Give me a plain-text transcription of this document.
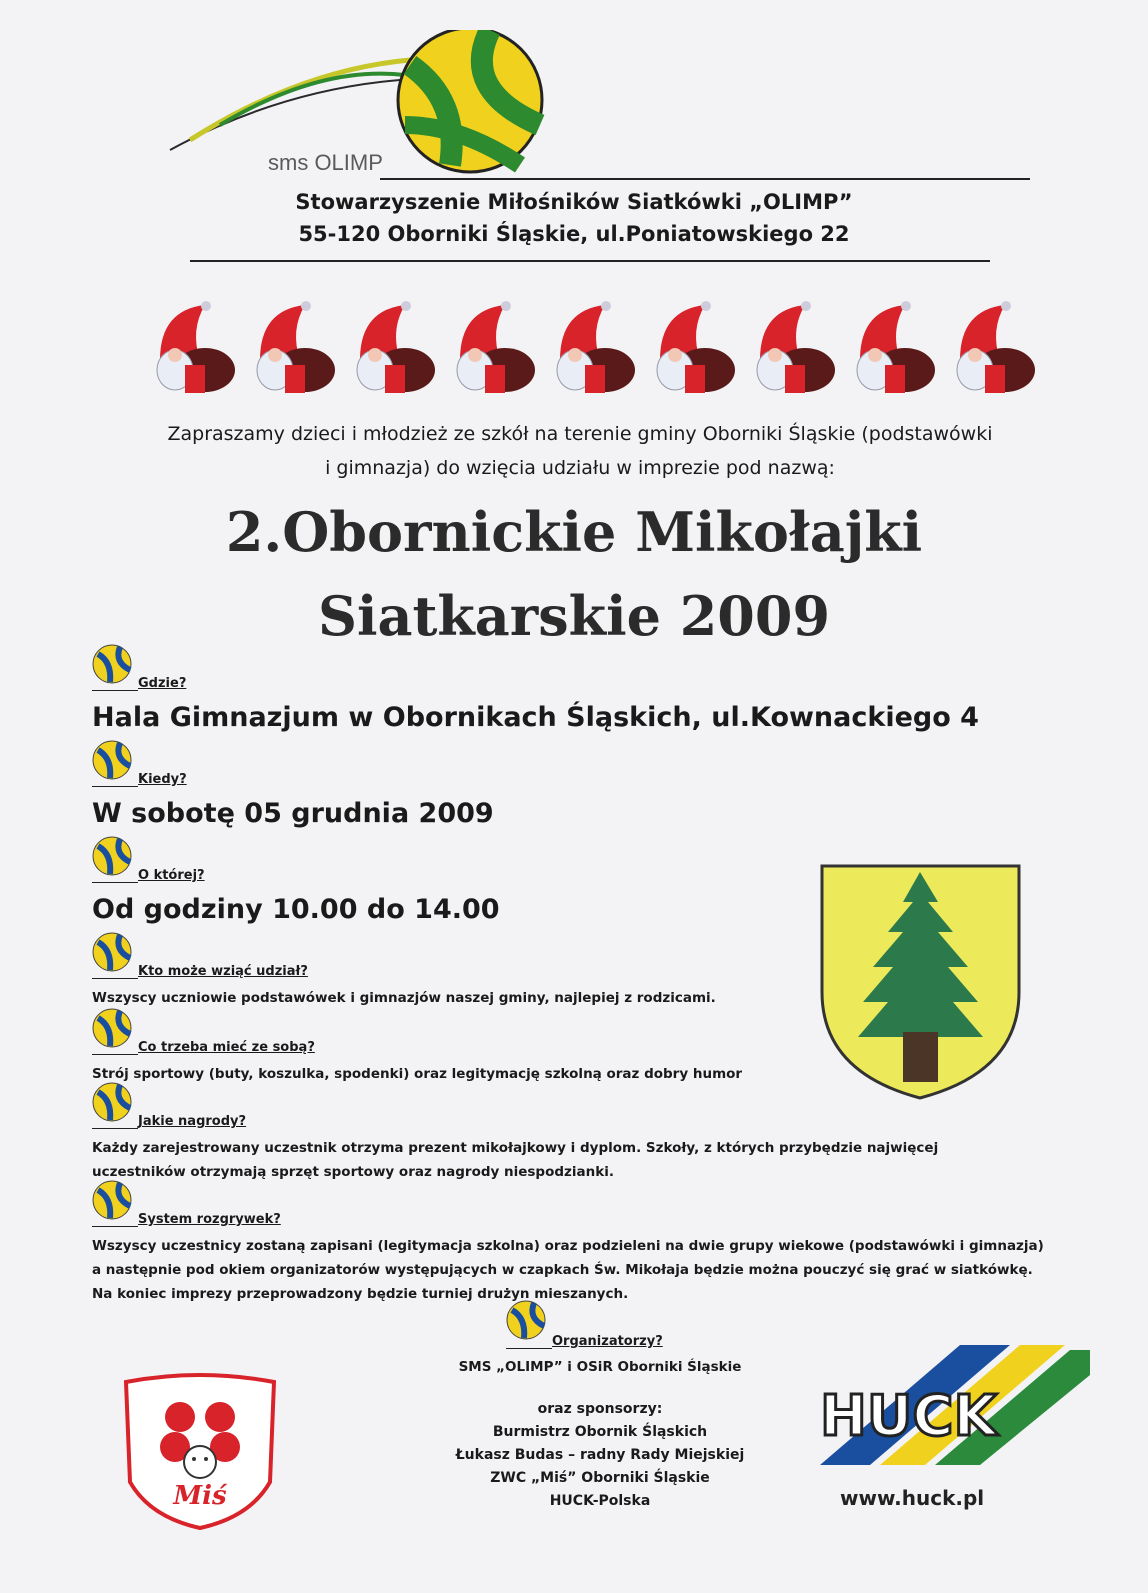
sms OLIMP
Stowarzyszenie Miłośników Siatkówki „OLIMP”
55-120 Oborniki Śląskie, ul.Poniatowskiego 22
Zapraszamy dzieci i młodzież ze szkół na terenie gminy Oborniki Śląskie (podstawówki
i gimnazja) do wzięcia udziału w imprezie pod nazwą:
2.Obornickie Mikołajki
Siatkarskie 2009
Gdzie?
Hala Gimnazjum w Obornikach Śląskich, ul.Kownackiego 4
Kiedy?
W sobotę 05 grudnia 2009
O której?
Od godziny 10.00 do 14.00
Kto może wziąć udział?
Wszyscy uczniowie podstawówek i gimnazjów naszej gminy, najlepiej z rodzicami.
Co trzeba mieć ze sobą?
Strój sportowy (buty, koszulka, spodenki) oraz legitymację szkolną oraz dobry humor
Jakie nagrody?
Każdy zarejestrowany uczestnik otrzyma prezent mikołajkowy i dyplom. Szkoły, z których przybędzie najwięcej
uczestników otrzymają sprzęt sportowy oraz nagrody niespodzianki.
System rozgrywek?
Wszyscy uczestnicy zostaną zapisani (legitymacja szkolna) oraz podzieleni na dwie grupy wiekowe (podstawówki i gimnazja)
a następnie pod okiem organizatorów występujących w czapkach Św. Mikołaja będzie można pouczyć się grać w siatkówkę.
Na koniec imprezy przeprowadzony będzie turniej drużyn mieszanych.
Organizatorzy?
SMS „OLIMP” i OSiR Oborniki Śląskie
oraz sponsorzy:
Burmistrz Obornik Śląskich
Łukasz Budas – radny Rady Miejskiej
ZWC „Miś” Oborniki Śląskie
HUCK-Polska
Miś
HUCK
www.huck.pl
